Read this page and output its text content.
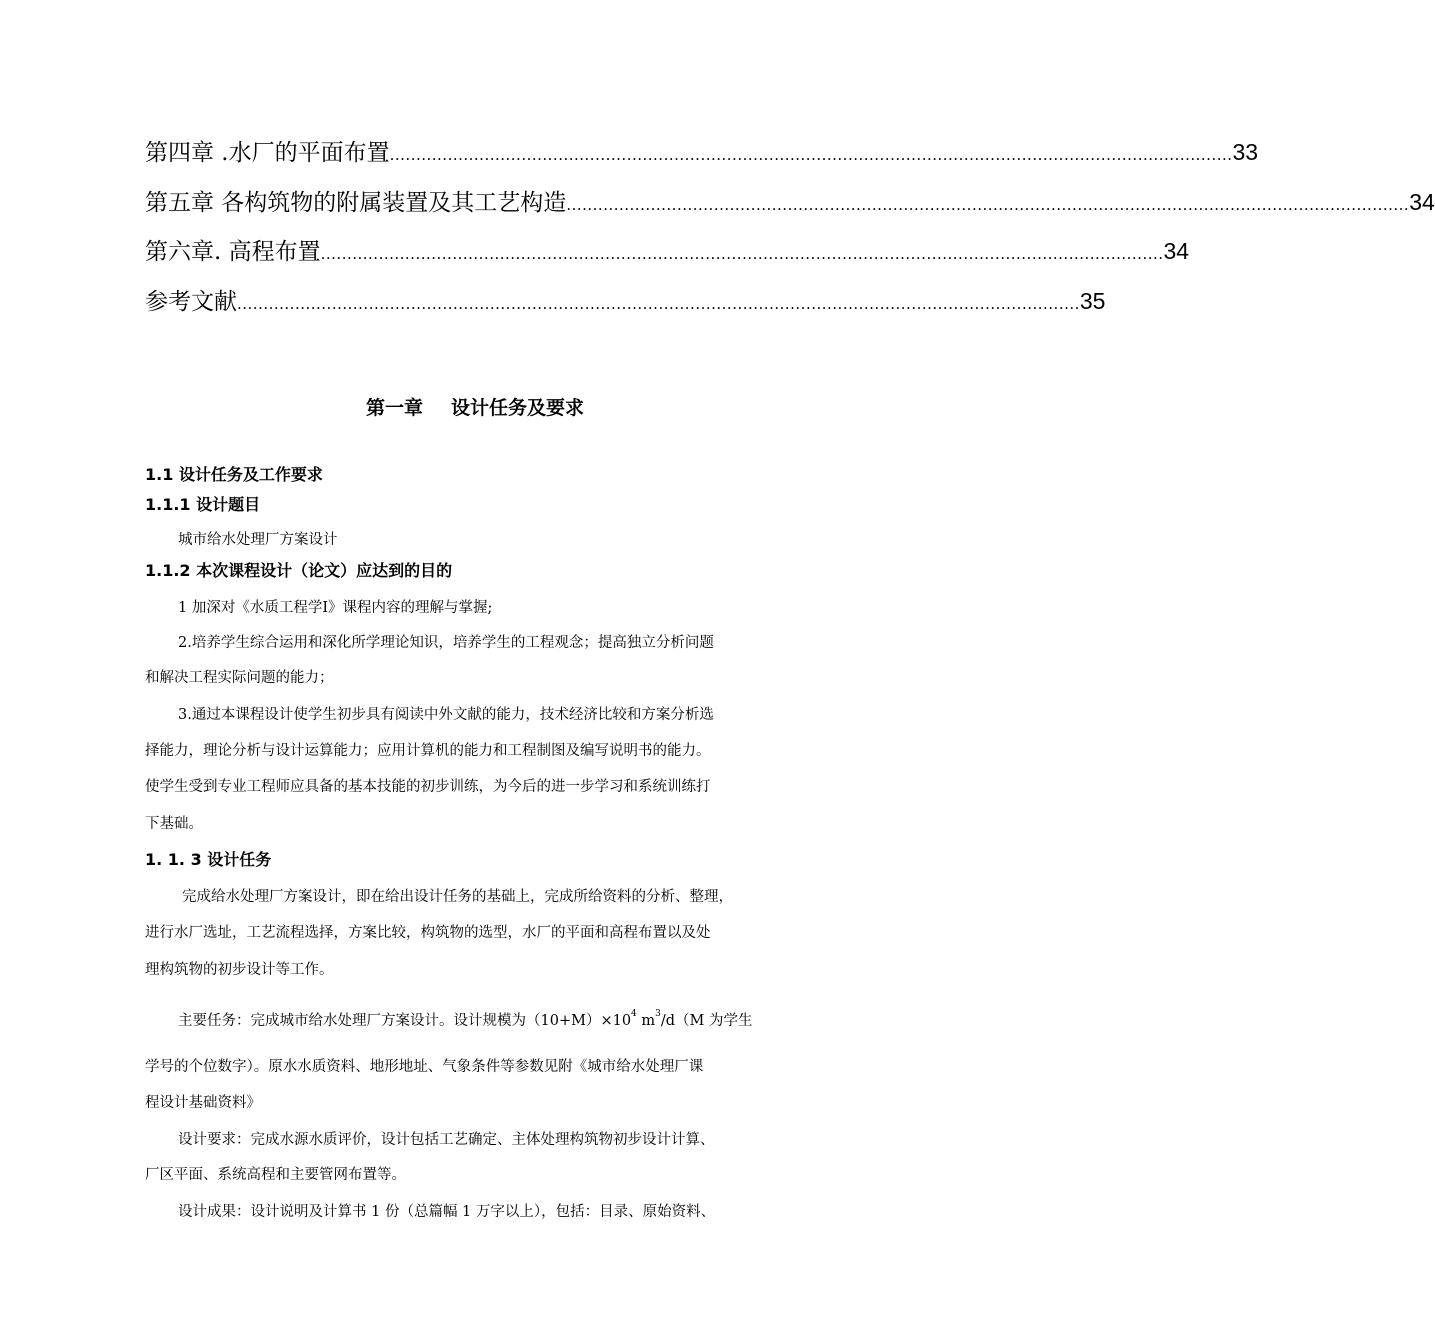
第四章 .水厂的平面布置 ................................................................................................................................................................ 33
第五章 各构筑物的附属装置及其工艺构造 ................................................................................................................................................................ 34
第六章. 高程布置 ................................................................................................................................................................ 34
参考文献 ................................................................................................................................................................ 35
第一章 设计任务及要求
1.1 设计任务及工作要求
1.1.1 设计题目
城市给水处理厂方案设计
1.1.2 本次课程设计（论文）应达到的目的
1 加深对《水质工程学Ⅰ》课程内容的理解与掌握;
2.培养学生综合运用和深化所学理论知识，培养学生的工程观念；提高独立分析问题
和解决工程实际问题的能力；
3.通过本课程设计使学生初步具有阅读中外文献的能力，技术经济比较和方案分析选
择能力，理论分析与设计运算能力；应用计算机的能力和工程制图及编写说明书的能力。
使学生受到专业工程师应具备的基本技能的初步训练，为今后的进一步学习和系统训练打
下基础。
1. 1. 3 设计任务
完成给水处理厂方案设计，即在给出设计任务的基础上，完成所给资料的分析、整理，
进行水厂选址，工艺流程选择，方案比较，构筑物的选型，水厂的平面和高程布置以及处
理构筑物的初步设计等工作。
主要任务：完成城市给水处理厂方案设计。设计规模为$(10+M)\times 10^4$ $m^3/d(M$ 为学生
学号的个位数字）。原水水质资料、地形地址、气象条件等参数见附《城市给水处理厂课
程设计基础资料》
设计要求：完成水源水质评价，设计包括工艺确定、主体处理构筑物初步设计计算、
厂区平面、系统高程和主要管网布置等。
设计成果：设计说明及计算书 1 份（总篇幅 1 万字以上），包括：目录、原始资料、
